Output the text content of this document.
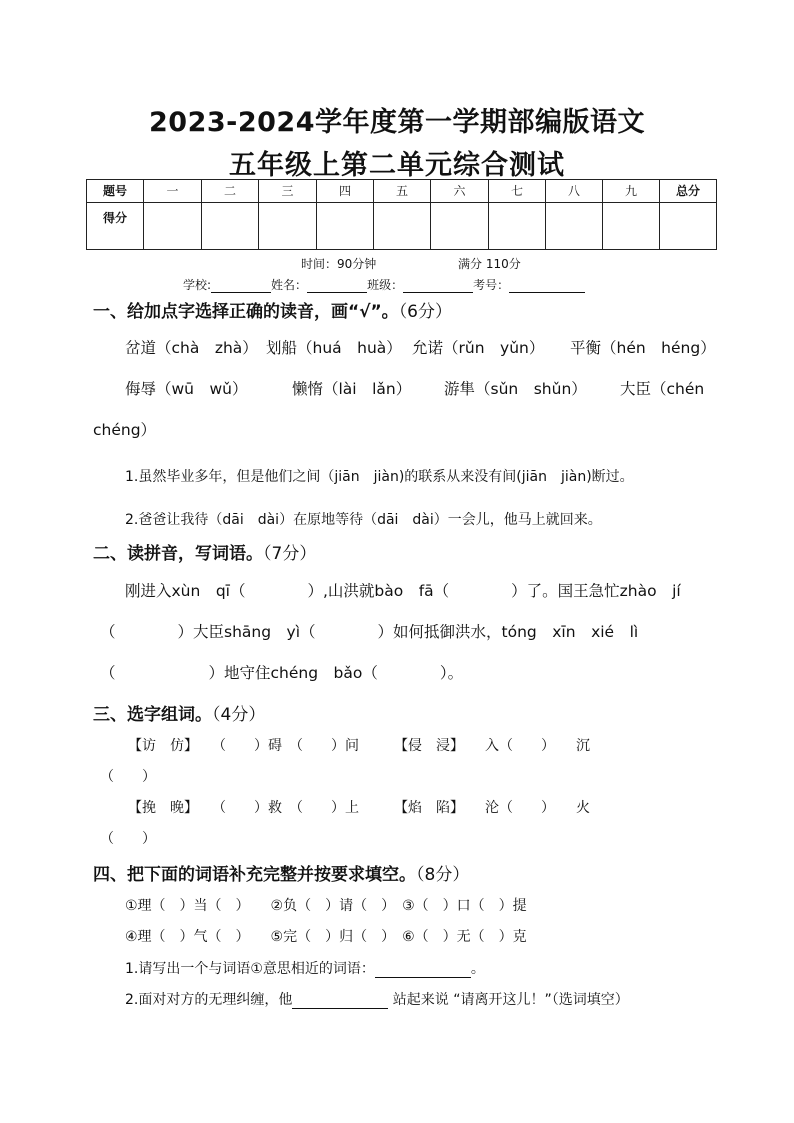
2023-2024学年度第一学期部编版语文
五年级上第二单元综合测试
题号	一	二	三	四	五	六	七	八	九	总分
得分										
时间：90分钟	满分 110分
学校:	姓名：	班级：	考号：
一、给加点字选择正确的读音，画“√”。（6分）
岔道（chà　zhà） 划船（huá　huà） 允诺（rǔn　yǔn） 平衡（hén　héng）
侮辱（wū　wǔ）	懒惰（lài　lǎn） 游隼（sǔn　shǔn） 大臣（chén
chéng）
1.虽然毕业多年，但是他们之间（jiān　jiàn)的联系从来没有间(jiān　jiàn)断过。
2.爸爸让我待（dāi　dài）在原地等待（dāi　dài）一会儿，他马上就回来。
二、读拼音，写词语。（7分）
刚进入xùn　qī（　　　　）,山洪就bào　fā（　　　　）了。国王急忙zhào　jí
（　　　　）大臣shāng　yì（　　　　）如何抵御洪水，tóng　xīn　xié　lì
（　　　　　　）地守住chéng　bǎo（　　　　）。
三、选字组词。（4分）
【访　仿】　　（　　）碍　（　　）问　　　【侵　浸】　　入（　　）　　沉
（　　）
【挽　晚】　　（　　）救　（　　）上　　　【焰　陷】　　沦（　　）　　火
（　　）
四、把下面的词语补充完整并按要求填空。（8分）
①理（　）当（　）　　②负（　）请（　）　③（　）口（　）提
④理（　）气（　）　　⑤完（　）归（　）　⑥（　）无（　）克
1.请写出一个与词语①意思相近的词语：	。
2.面对对方的无理纠缠，他	站起来说 “请离开这儿！”（选词填空）
